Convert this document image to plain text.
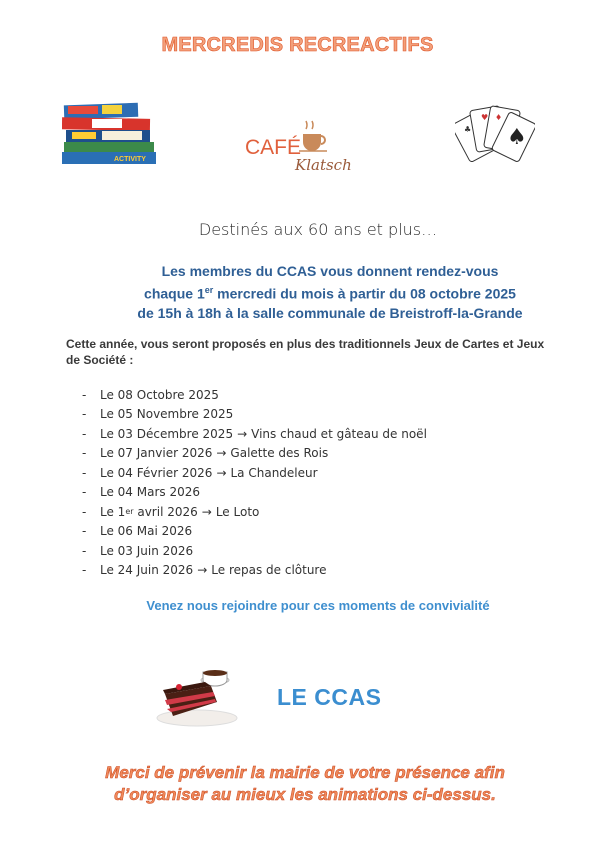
MERCREDIS RECREACTIFS
ACTIVITY
CAFÉ
Klatsch
♣
♥ ♦
♠
Destinés aux 60 ans et plus…
Les membres du CCAS vous donnent rendez-vous
chaque 1er mercredi du mois à partir du 08 octobre 2025
de 15h à 18h à la salle communale de Breistroff-la-Grande
Cette année, vous seront proposés en plus des traditionnels Jeux de Cartes et Jeux de Société :
-	Le 08 Octobre 2025
-	Le 05 Novembre 2025
-	Le 03 Décembre 2025 → Vins chaud et gâteau de noël
-	Le 07 Janvier 2026 → Galette des Rois
-	Le 04 Février 2026 → La Chandeleur
-	Le 04 Mars 2026
-	Le 1 er avril 2026 → Le Loto
-	Le 06 Mai 2026
-	Le 03 Juin 2026
-	Le 24 Juin 2026 → Le repas de clôture
Venez nous rejoindre pour ces moments de convivialité
LE CCAS
Merci de prévenir la mairie de votre présence afin
d’organiser au mieux les animations ci-dessus.
